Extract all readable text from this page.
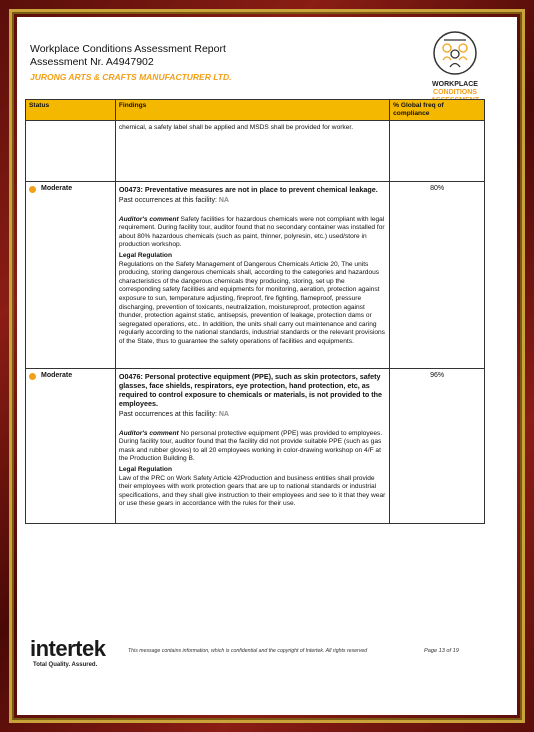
Workplace Conditions Assessment Report
Assessment Nr. A4947902
JURONG ARTS & CRAFTS MANUFACTURER LTD.
WORKPLACE
CONDITIONS
Status	Findings	% Global freq of compliance
	chemical, a safety label shall be applied and MSDS shall be provided for worker.	

Moderate	O0473: Preventative measures are not in place to prevent chemical leakage.
Past occurrences at this facility: NA
Auditor's comment Safety facilities for hazardous chemicals were not compliant with legal requirement. During facility tour, auditor found that no secondary container was installed for about 80% hazardous chemicals (such as paint, thinner, polyresin, etc.) used/store in production workshop.
Legal Regulation
Regulations on the Safety Management of Dangerous Chemicals Article 20, The units producing, storing dangerous chemicals shall, according to the categories and hazardous characteristics of the dangerous chemicals they producing, storing, set up the corresponding safety facilities and equipments for monitoring, aeration, protection against exposure to sun, temperature adjusting, fireproof, fire fighting, flameproof, pressure discharging, prevention of toxicants, neutralization, moistureproof, protection against thunder, protection against static, antisepsis, prevention of leakage, protection dams or segregated operations, etc.. In addition, the units shall carry out maintenance and caring regularly according to the national standards, industrial standards or the relevant provisions of the State, thus to guarantee the safety operations of facilities and equipments.	80%

Moderate	O0476: Personal protective equipment (PPE), such as skin protectors, safety glasses, face shields, respirators, eye protection, hand protection, etc, as required to control exposure to chemicals or materials, is not provided to the employees.
Past occurrences at this facility: NA
Auditor's comment No personal protective equipment (PPE) was provided to employees. During facility tour, auditor found that the facility did not provide suitable PPE (such as gas mask and rubber gloves) to all 20 employees working in color-drawing workshop on 4/F at the Production Building B.
Legal Regulation
Law of the PRC on Work Safety Article 42Production and business entities shall provide their employees with work protection gears that are up to national standards or industrial specifications, and they shall give instruction to their employees and see to it that they wear or use these gears in accordance with the rules for their use.	96%

intertek
Total Quality. Assured.
This message contains information, which is confidential and the copyright of Intertek. All rights reserved	Page 13 of 19
